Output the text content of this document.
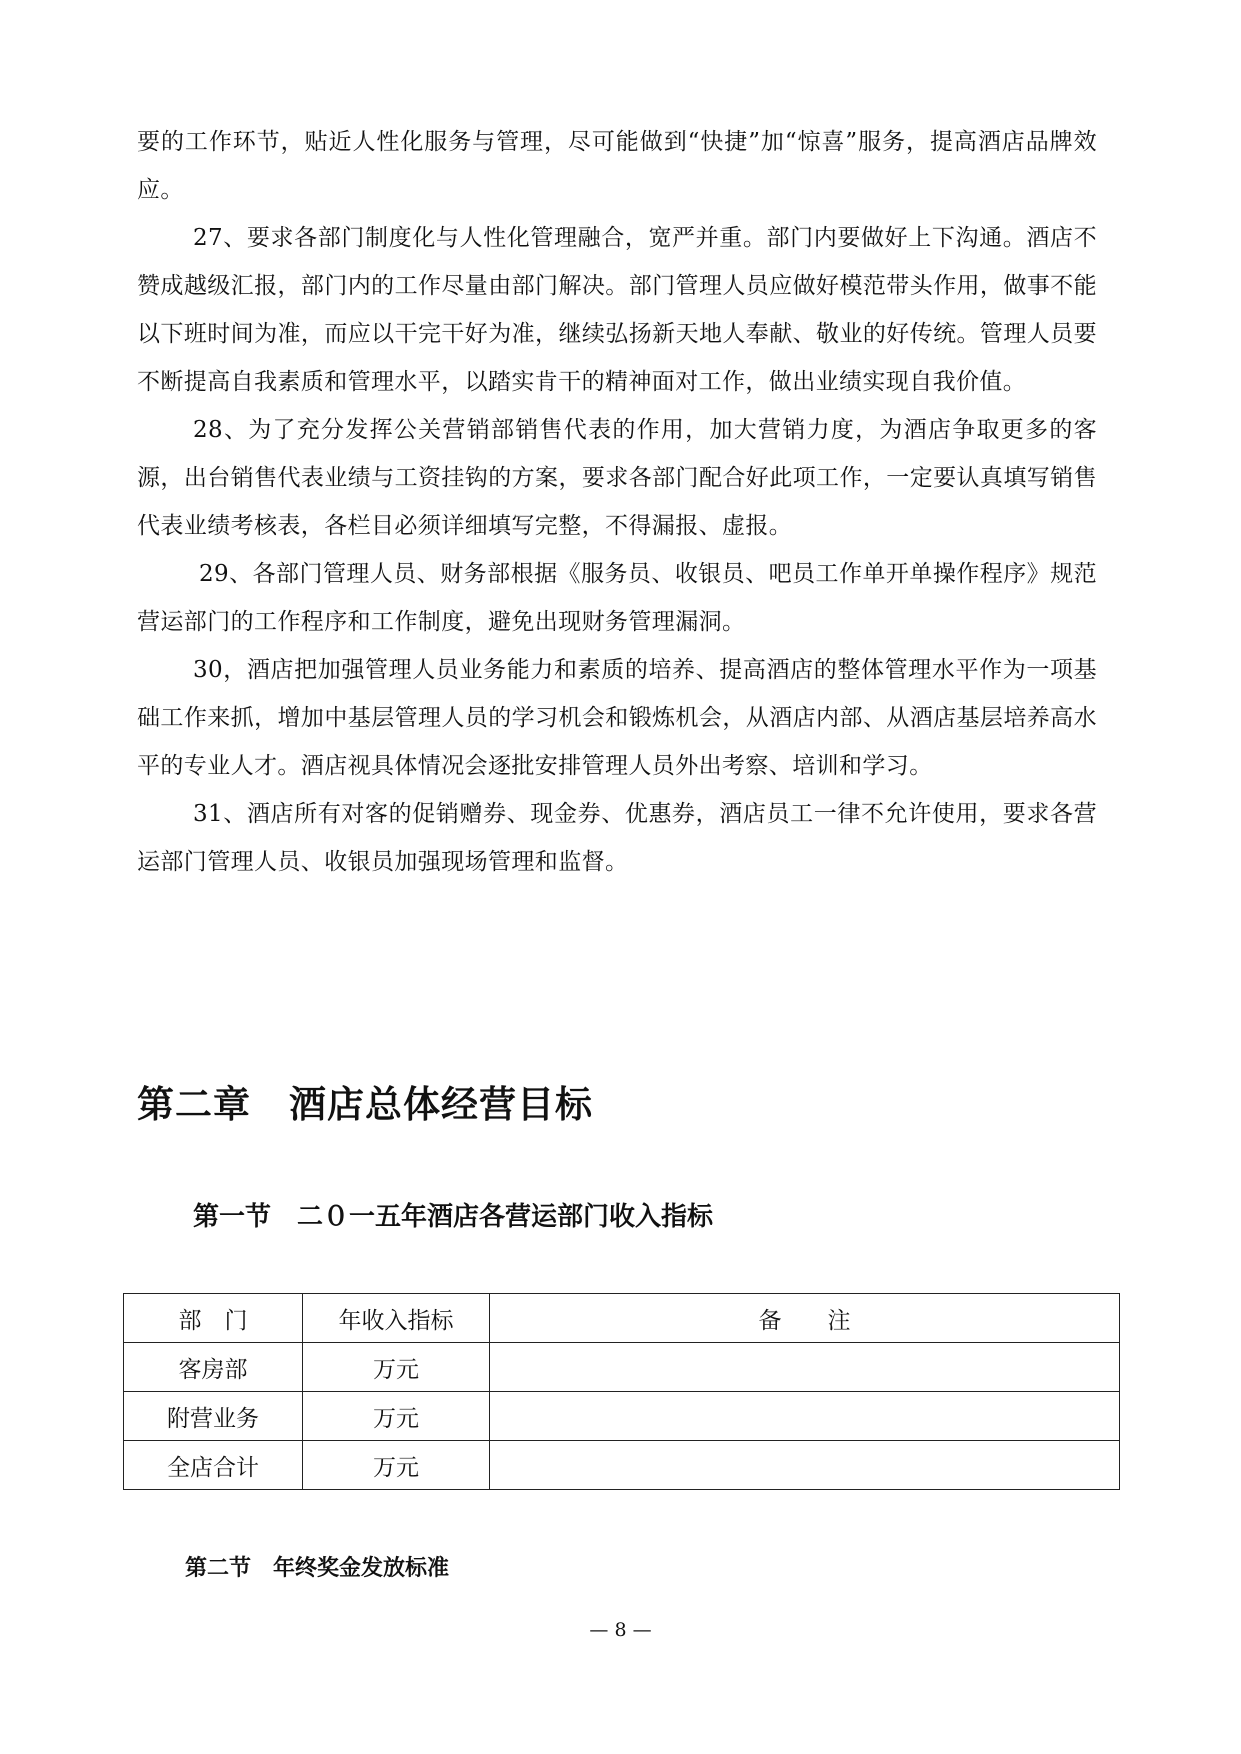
要的工作环节，贴近人性化服务与管理，尽可能做到“快捷”加“惊喜”服务，提高酒店品牌效应。

27、要求各部门制度化与人性化管理融合，宽严并重。部门内要做好上下沟通。酒店不赞成越级汇报，部门内的工作尽量由部门解决。部门管理人员应做好模范带头作用，做事不能以下班时间为准，而应以干完干好为准，继续弘扬新天地人奉献、敬业的好传统。管理人员要不断提高自我素质和管理水平，以踏实肯干的精神面对工作，做出业绩实现自我价值。

28、为了充分发挥公关营销部销售代表的作用，加大营销力度，为酒店争取更多的客源，出台销售代表业绩与工资挂钩的方案，要求各部门配合好此项工作，一定要认真填写销售代表业绩考核表，各栏目必须详细填写完整，不得漏报、虚报。

29、各部门管理人员、财务部根据《服务员、收银员、吧员工作单开单操作程序》规范营运部门的工作程序和工作制度，避免出现财务管理漏洞。

30，酒店把加强管理人员业务能力和素质的培养、提高酒店的整体管理水平作为一项基础工作来抓，增加中基层管理人员的学习机会和锻炼机会，从酒店内部、从酒店基层培养高水平的专业人才。酒店视具体情况会逐批安排管理人员外出考察、培训和学习。

31、酒店所有对客的促销赠券、现金券、优惠券，酒店员工一律不允许使用，要求各营运部门管理人员、收银员加强现场管理和监督。

第二章　酒店总体经营目标
第一节　二０一五年酒店各营运部门收入指标
部　门	年收入指标	备　　注
客房部	万元	
附营业务	万元	
全店合计	万元	
第二节　年终奖金发放标准
— 8 —
